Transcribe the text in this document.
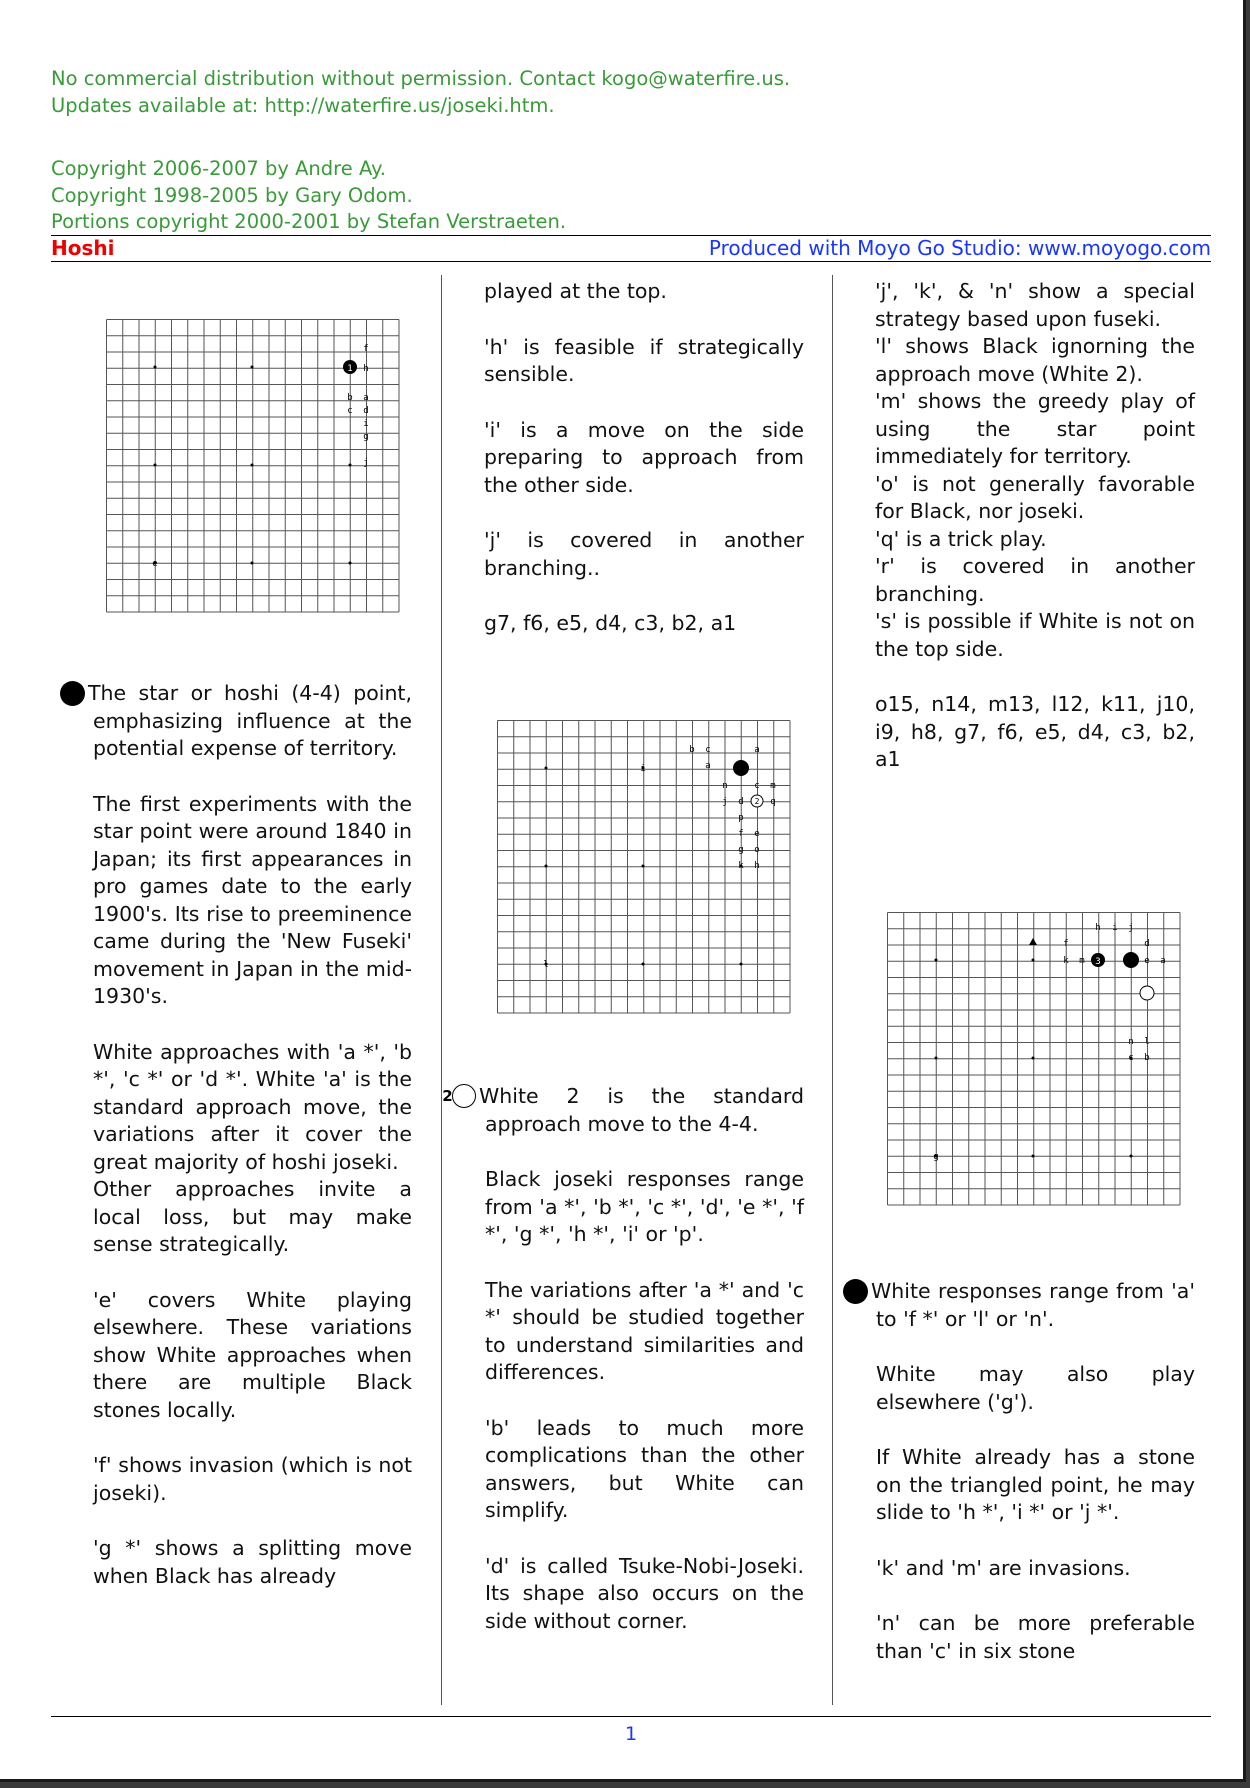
No commercial distribution without permission. Contact kogo@waterfire.us.
Updates available at: http://waterfire.us/joseki.htm.
Copyright 2006-2007 by Andre Ay.
Copyright 1998-2005 by Gary Odom.
Portions copyright 2000-2001 by Stefan Verstraeten.
Hoshi	Produced with Moyo Go Studio: www.moyogo.com
1
f
h
b a
c d
i
g
j
e
2
b c
a
a
n	c m
j d	q
p
f e
g o
k h
i
l	3
h i j
f	d
k m	e a
n l
c b
g

1 The star or hoshi (4-4) point, emphasizing influence at the potential expense of territory.

The first experiments with the star point were around 1840 in Japan; its first appearances in pro games date to the early 1900's. Its rise to preeminence came during the 'New Fuseki' movement in Japan in the mid-1930's.

White approaches with 'a *', 'b *', 'c *' or 'd *'. White 'a' is the standard approach move, the variations after it cover the great majority of hoshi joseki.

Other approaches invite a local loss, but may make sense strategically.

'e' covers White playing elsewhere. These variations show White approaches when there are multiple Black stones locally.

'f' shows invasion (which is not joseki).

'g *' shows a splitting move when Black has already

played at the top.

'h' is feasible if strategically sensible.

'i' is a move on the side preparing to approach from the other side.

'j' is covered in another branching..

g7, f6, e5, d4, c3, b2, a1

2 White 2 is the standard approach move to the 4-4.

Black joseki responses range from 'a *', 'b *', 'c *', 'd', 'e *', 'f *', 'g *', 'h *', 'i' or 'p'.

The variations after 'a *' and 'c *' should be studied together to understand similarities and differences.

'b' leads to much more complications than the other answers, but White can simplify.

'd' is called Tsuke-Nobi-Joseki. Its shape also occurs on the side without corner.

'j', 'k', & 'n' show a special strategy based upon fuseki.

'l' shows Black ignorning the approach move (White 2).

'm' shows the greedy play of using the star point immediately for territory.

'o' is not generally favorable for Black, nor joseki.

'q' is a trick play.

'r' is covered in another branching.

's' is possible if White is not on the top side.

o15, n14, m13, l12, k11, j10, i9, h8, g7, f6, e5, d4, c3, b2, a1

3 White responses range from 'a' to 'f *' or 'l' or 'n'.

White may also play elsewhere ('g').

If White already has a stone on the triangled point, he may slide to 'h *', 'i *' or 'j *'.

'k' and 'm' are invasions.

'n' can be more preferable than 'c' in six stone

1
